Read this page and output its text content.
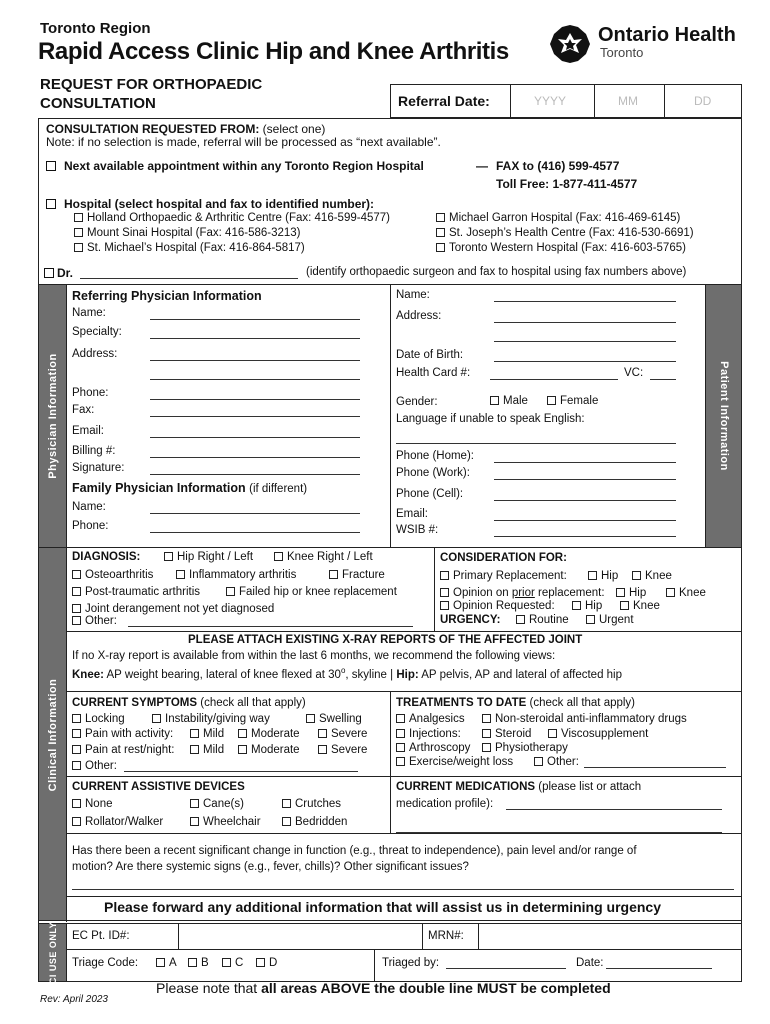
Toronto Region
Rapid Access Clinic Hip and Knee Arthritis
REQUEST FOR ORTHOPAEDIC
CONSULTATION
Ontario Health
Toronto
Referral Date:	YYYY	MM	DD
CONSULTATION REQUESTED FROM: (select one)
Note: if no selection is made, referral will be processed as “next available”.
Next available appointment within any Toronto Region Hospital	— FAX to (416) 599-4577
Toll Free: 1-877-411-4577
Hospital (select hospital and fax to identified number):
Holland Orthopaedic & Arthritic Centre (Fax: 416-599-4577)
Mount Sinai Hospital (Fax: 416-586-3213)
St. Michael’s Hospital (Fax: 416-864-5817)
Michael Garron Hospital (Fax: 416-469-6145)
St. Joseph’s Health Centre (Fax: 416-530-6691)
Toronto Western Hospital (Fax: 416-603-5765)
Dr.	(identify orthopaedic surgeon and fax to hospital using fax numbers above)
Physician Information	Patient Information
Referring Physician Information
Name:
Specialty:
Address:
Phone:
Fax:
Email:
Billing #:
Signature:
Family Physician Information (if different)
Name:
Phone:
Name:
Address:
Date of Birth:
Health Card #:	VC:
Gender:	Male	Female
Language if unable to speak English:
Phone (Home):
Phone (Work):
Phone (Cell):
Email:
WSIB #:
Clinical Information
DIAGNOSIS:	Hip Right / Left	Knee Right / Left
Osteoarthritis	Inflammatory arthritis	Fracture
Post-traumatic arthritis	Failed hip or knee replacement
Joint derangement not yet diagnosed
Other:
CONSIDERATION FOR:
Primary Replacement:	Hip	Knee
Opinion on prior replacement:	Hip	Knee
Opinion Requested:	Hip	Knee
URGENCY:	Routine	Urgent
PLEASE ATTACH EXISTING X-RAY REPORTS OF THE AFFECTED JOINT
If no X-ray report is available from within the last 6 months, we recommend the following views:
Knee: AP weight bearing, lateral of knee flexed at 30$^o$, skyline | Hip: AP pelvis, AP and lateral of affected hip
CURRENT SYMPTOMS (check all that apply)
Locking	Instability/giving way	Swelling
Pain with activity:	Mild	Moderate	Severe
Pain at rest/night:	Mild	Moderate	Severe
Other:
TREATMENTS TO DATE (check all that apply)
Analgesics	Non-steroidal anti-inflammatory drugs
Injections:	Steroid	Viscosupplement
Arthroscopy	Physiotherapy
Exercise/weight loss	Other:
CURRENT ASSISTIVE DEVICES
None	Cane(s)	Crutches
Rollator/Walker	Wheelchair	Bedridden
CURRENT MEDICATIONS (please list or attach
medication profile):
Has there been a recent significant change in function (e.g., threat to independence), pain level and/or range of
motion? Are there systemic signs (e.g., fever, chills)? Other significant issues?
Please forward any additional information that will assist us in determining urgency
CI USE ONLY EC Pt. ID#:	MRN#:
Triage Code:	A	B	C	D	Triaged by:	Date:
Rev: April 2023
Please note that all areas ABOVE the double line MUST be completed
